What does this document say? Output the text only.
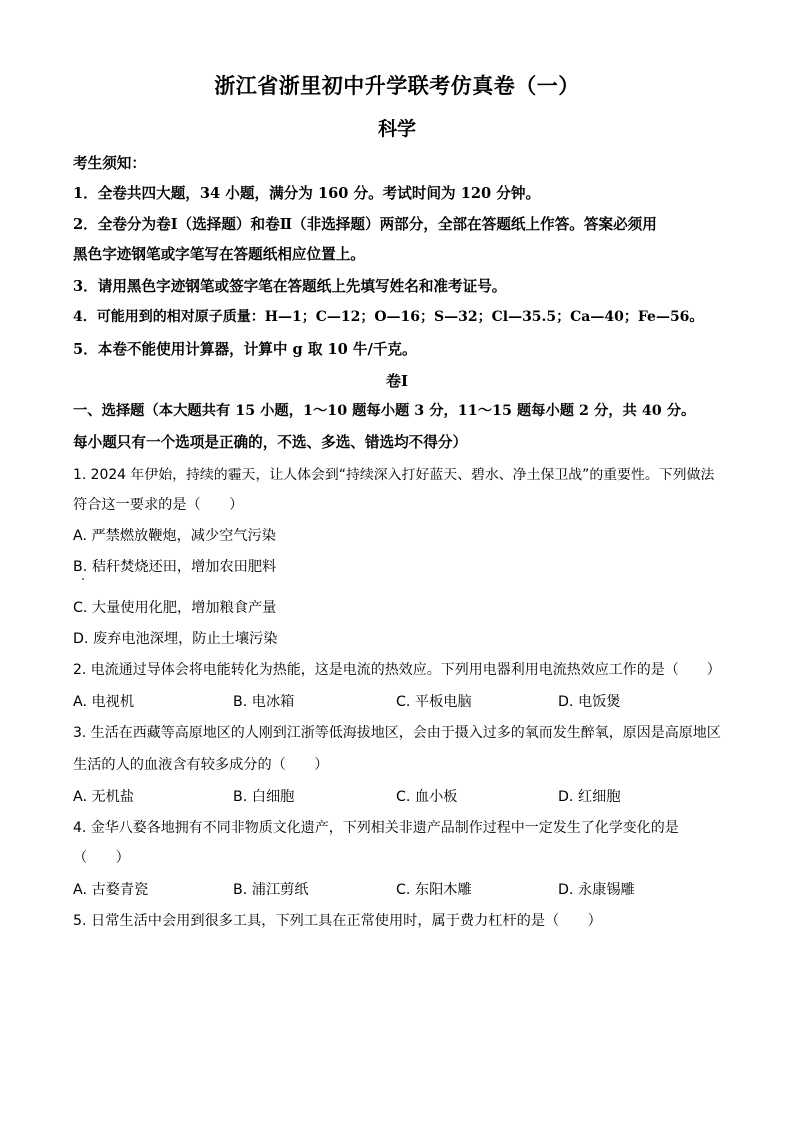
浙江省浙里初中升学联考仿真卷（一）
科学
考生须知：
1．全卷共四大题，34 小题，满分为 160 分。考试时间为 120 分钟。
2．全卷分为卷Ⅰ（选择题）和卷Ⅱ（非选择题）两部分，全部在答题纸上作答。答案必须用
黑色字迹钢笔或字笔写在答题纸相应位置上。
3．请用黑色字迹钢笔或签字笔在答题纸上先填写姓名和准考证号。
4．可能用到的相对原子质量：H—1；C—12；O—16；S—32；Cl—35.5；Ca—40；Fe—56。
5．本卷不能使用计算器，计算中 g 取 10 牛/千克。
卷Ⅰ
一、选择题（本大题共有 15 小题，1～10 题每小题 3 分，11～15 题每小题 2 分，共 40 分。
每小题只有一个选项是正确的，不选、多选、错选均不得分）
1. 2024 年伊始，持续的霾天，让人体会到“持续深入打好蓝天、碧水、净土保卫战”的重要性。下列做法
符合这一要求的是（　　）
A. 严禁燃放鞭炮，减少空气污染
B. 秸秆焚烧还田，增加农田肥料
C. 大量使用化肥，增加粮食产量
D. 废弃电池深埋，防止土壤污染
2. 电流通过导体会将电能转化为热能，这是电流的热效应。下列用电器利用电流热效应工作的是（　　）
A. 电视机	B. 电冰箱	C. 平板电脑	D. 电饭煲
3. 生活在西藏等高原地区的人刚到江浙等低海拔地区，会由于摄入过多的氧而发生醉氧，原因是高原地区
生活的人的血液含有较多成分的（　　）
A. 无机盐	B. 白细胞	C. 血小板	D. 红细胞
4. 金华八婺各地拥有不同非物质文化遗产，下列相关非遗产品制作过程中一定发生了化学变化的是
（　　）
A. 古婺青瓷	B. 浦江剪纸	C. 东阳木雕	D. 永康锡雕
5. 日常生活中会用到很多工具，下列工具在正常使用时，属于费力杠杆的是（　　）
